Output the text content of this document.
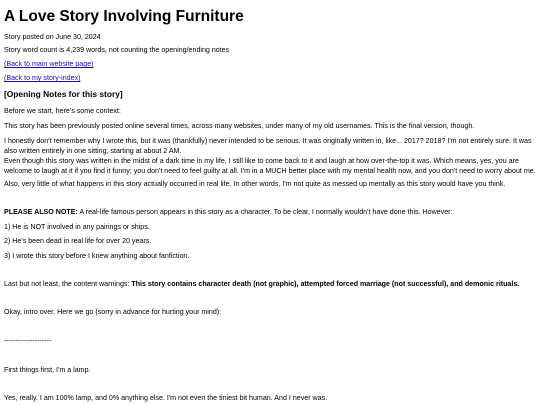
A Love Story Involving Furniture

Story posted on June 30, 2024

Story word count is 4,239 words, not counting the opening/ending notes

(Back to main website page)

(Back to my story-index)

[Opening Notes for this story]

Before we start, here's some context:

This story has been previously posted online several times, across many websites, under many of my old usernames. This is the final version, though.

I honestly don't remember why I wrote this, but it was (thankfully) never intended to be serious. It was originally written in, like... 2017? 2018? I'm not entirely sure. It was also written entirely in one sitting, starting at about 2 AM.

Even though this story was written in the midst of a dark time in my life, I still like to come back to it and laugh at how over-the-top it was. Which means, yes, you are welcome to laugh at it if you find it funny; you don't need to feel guilty at all. I'm in a MUCH better place with my mental health now, and you don't need to worry about me.

Also, very little of what happens in this story actually occurred in real life. In other words, I'm not quite as messed up mentally as this story would have you think.

PLEASE ALSO NOTE: A real-life famous person appears in this story as a character. To be clear, I normally wouldn't have done this. However:

1) He is NOT involved in any pairings or ships.

2) He's been dead in real life for over 20 years.

3) I wrote this story before I knew anything about fanfiction.

Last but not least, the content warnings: This story contains character death (not graphic), attempted forced marriage (not successful), and demonic rituals.

Okay, intro over. Here we go (sorry in advance for hurting your mind):

--------------------

First things first, I'm a lamp.

Yes, really. I am 100% lamp, and 0% anything else. I'm not even the tiniest bit human. And I never was.
